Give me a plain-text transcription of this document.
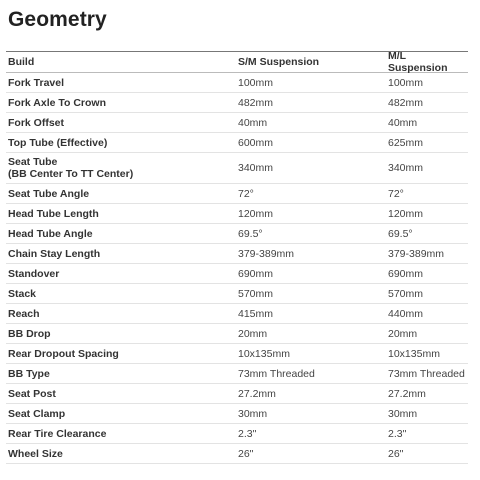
Geometry
Build	S/M Suspension	M/L Suspension
Fork Travel	100mm	100mm
Fork Axle To Crown	482mm	482mm
Fork Offset	40mm	40mm
Top Tube (Effective)	600mm	625mm
Seat Tube
(BB Center To TT Center)	340mm	340mm
Seat Tube Angle	72°	72°
Head Tube Length	120mm	120mm
Head Tube Angle	69.5°	69.5°
Chain Stay Length	379-389mm	379-389mm
Standover	690mm	690mm
Stack	570mm	570mm
Reach	415mm	440mm
BB Drop	20mm	20mm
Rear Dropout Spacing	10x135mm	10x135mm
BB Type	73mm Threaded	73mm Threaded
Seat Post	27.2mm	27.2mm
Seat Clamp	30mm	30mm
Rear Tire Clearance	2.3"	2.3"
Wheel Size	26"	26"
